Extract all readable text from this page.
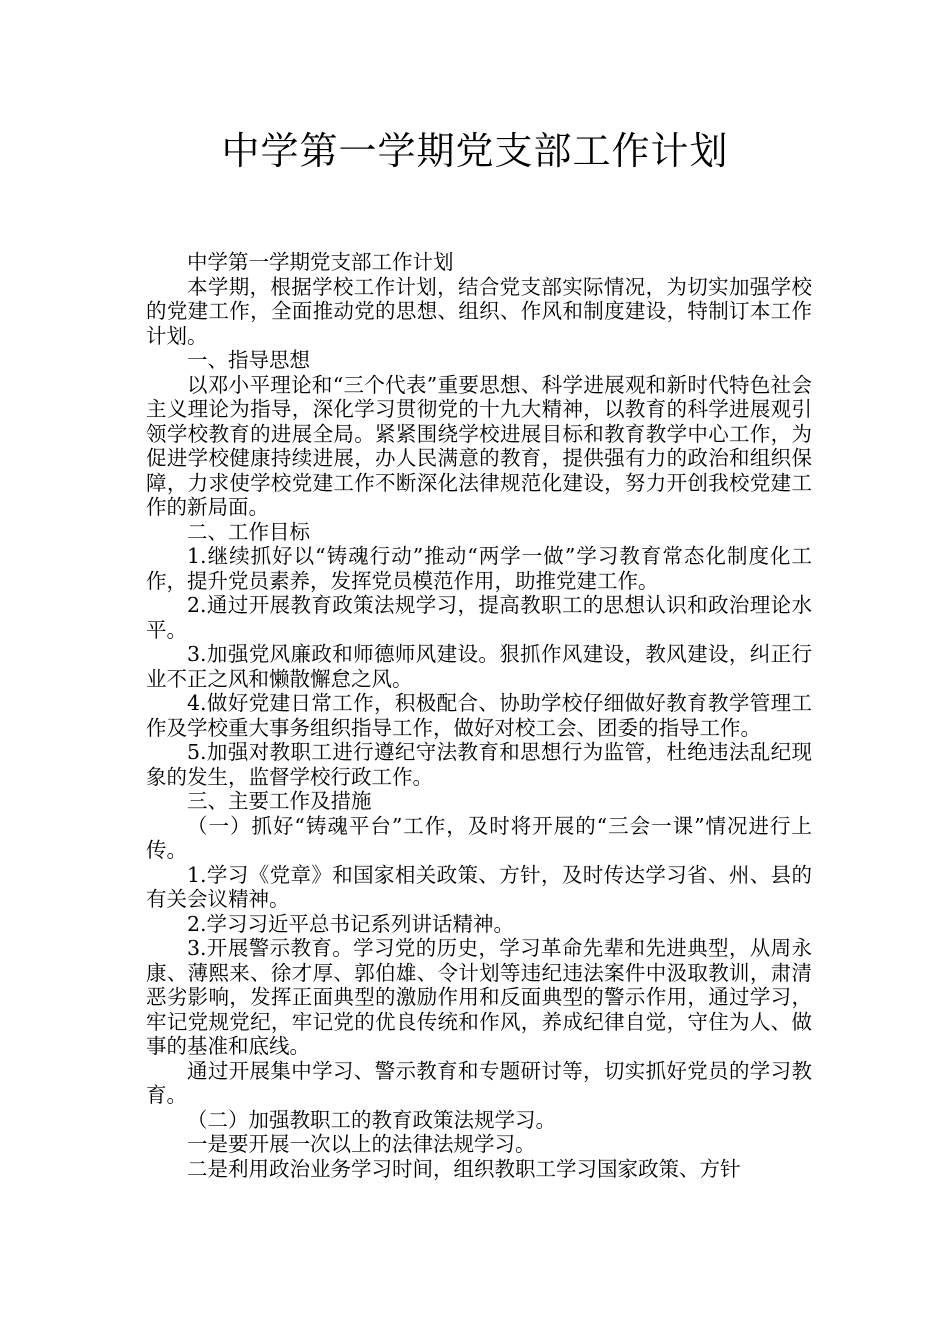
中学第一学期党支部工作计划

中学第一学期党支部工作计划

本学期，根据学校工作计划，结合党支部实际情况，为切实加强学校的党建工作，全面推动党的思想、组织、作风和制度建设，特制订本工作计划。

一、指导思想

以邓小平理论和“三个代表”重要思想、科学进展观和新时代特色社会主义理论为指导，深化学习贯彻党的十九大精神，以教育的科学进展观引领学校教育的进展全局。紧紧围绕学校进展目标和教育教学中心工作，为促进学校健康持续进展，办人民满意的教育，提供强有力的政治和组织保障，力求使学校党建工作不断深化法律规范化建设，努力开创我校党建工作的新局面。

二、工作目标

1.继续抓好以“铸魂行动”推动“两学一做”学习教育常态化制度化工作，提升党员素养，发挥党员模范作用，助推党建工作。

2.通过开展教育政策法规学习，提高教职工的思想认识和政治理论水平。

3.加强党风廉政和师德师风建设。狠抓作风建设，教风建设，纠正行业不正之风和懒散懈怠之风。

4.做好党建日常工作，积极配合、协助学校仔细做好教育教学管理工作及学校重大事务组织指导工作，做好对校工会、团委的指导工作。

5.加强对教职工进行遵纪守法教育和思想行为监管，杜绝违法乱纪现象的发生，监督学校行政工作。

三、主要工作及措施

（一）抓好“铸魂平台”工作，及时将开展的“三会一课”情况进行上传。

1.学习《党章》和国家相关政策、方针，及时传达学习省、州、县的有关会议精神。

2.学习习近平总书记系列讲话精神。

3.开展警示教育。学习党的历史，学习革命先辈和先进典型，从周永康、薄熙来、徐才厚、郭伯雄、令计划等违纪违法案件中汲取教训，肃清恶劣影响，发挥正面典型的激励作用和反面典型的警示作用，通过学习，牢记党规党纪，牢记党的优良传统和作风，养成纪律自觉，守住为人、做事的基准和底线。

通过开展集中学习、警示教育和专题研讨等，切实抓好党员的学习教育。

（二）加强教职工的教育政策法规学习。

一是要开展一次以上的法律法规学习。

二是利用政治业务学习时间，组织教职工学习国家政策、方针
